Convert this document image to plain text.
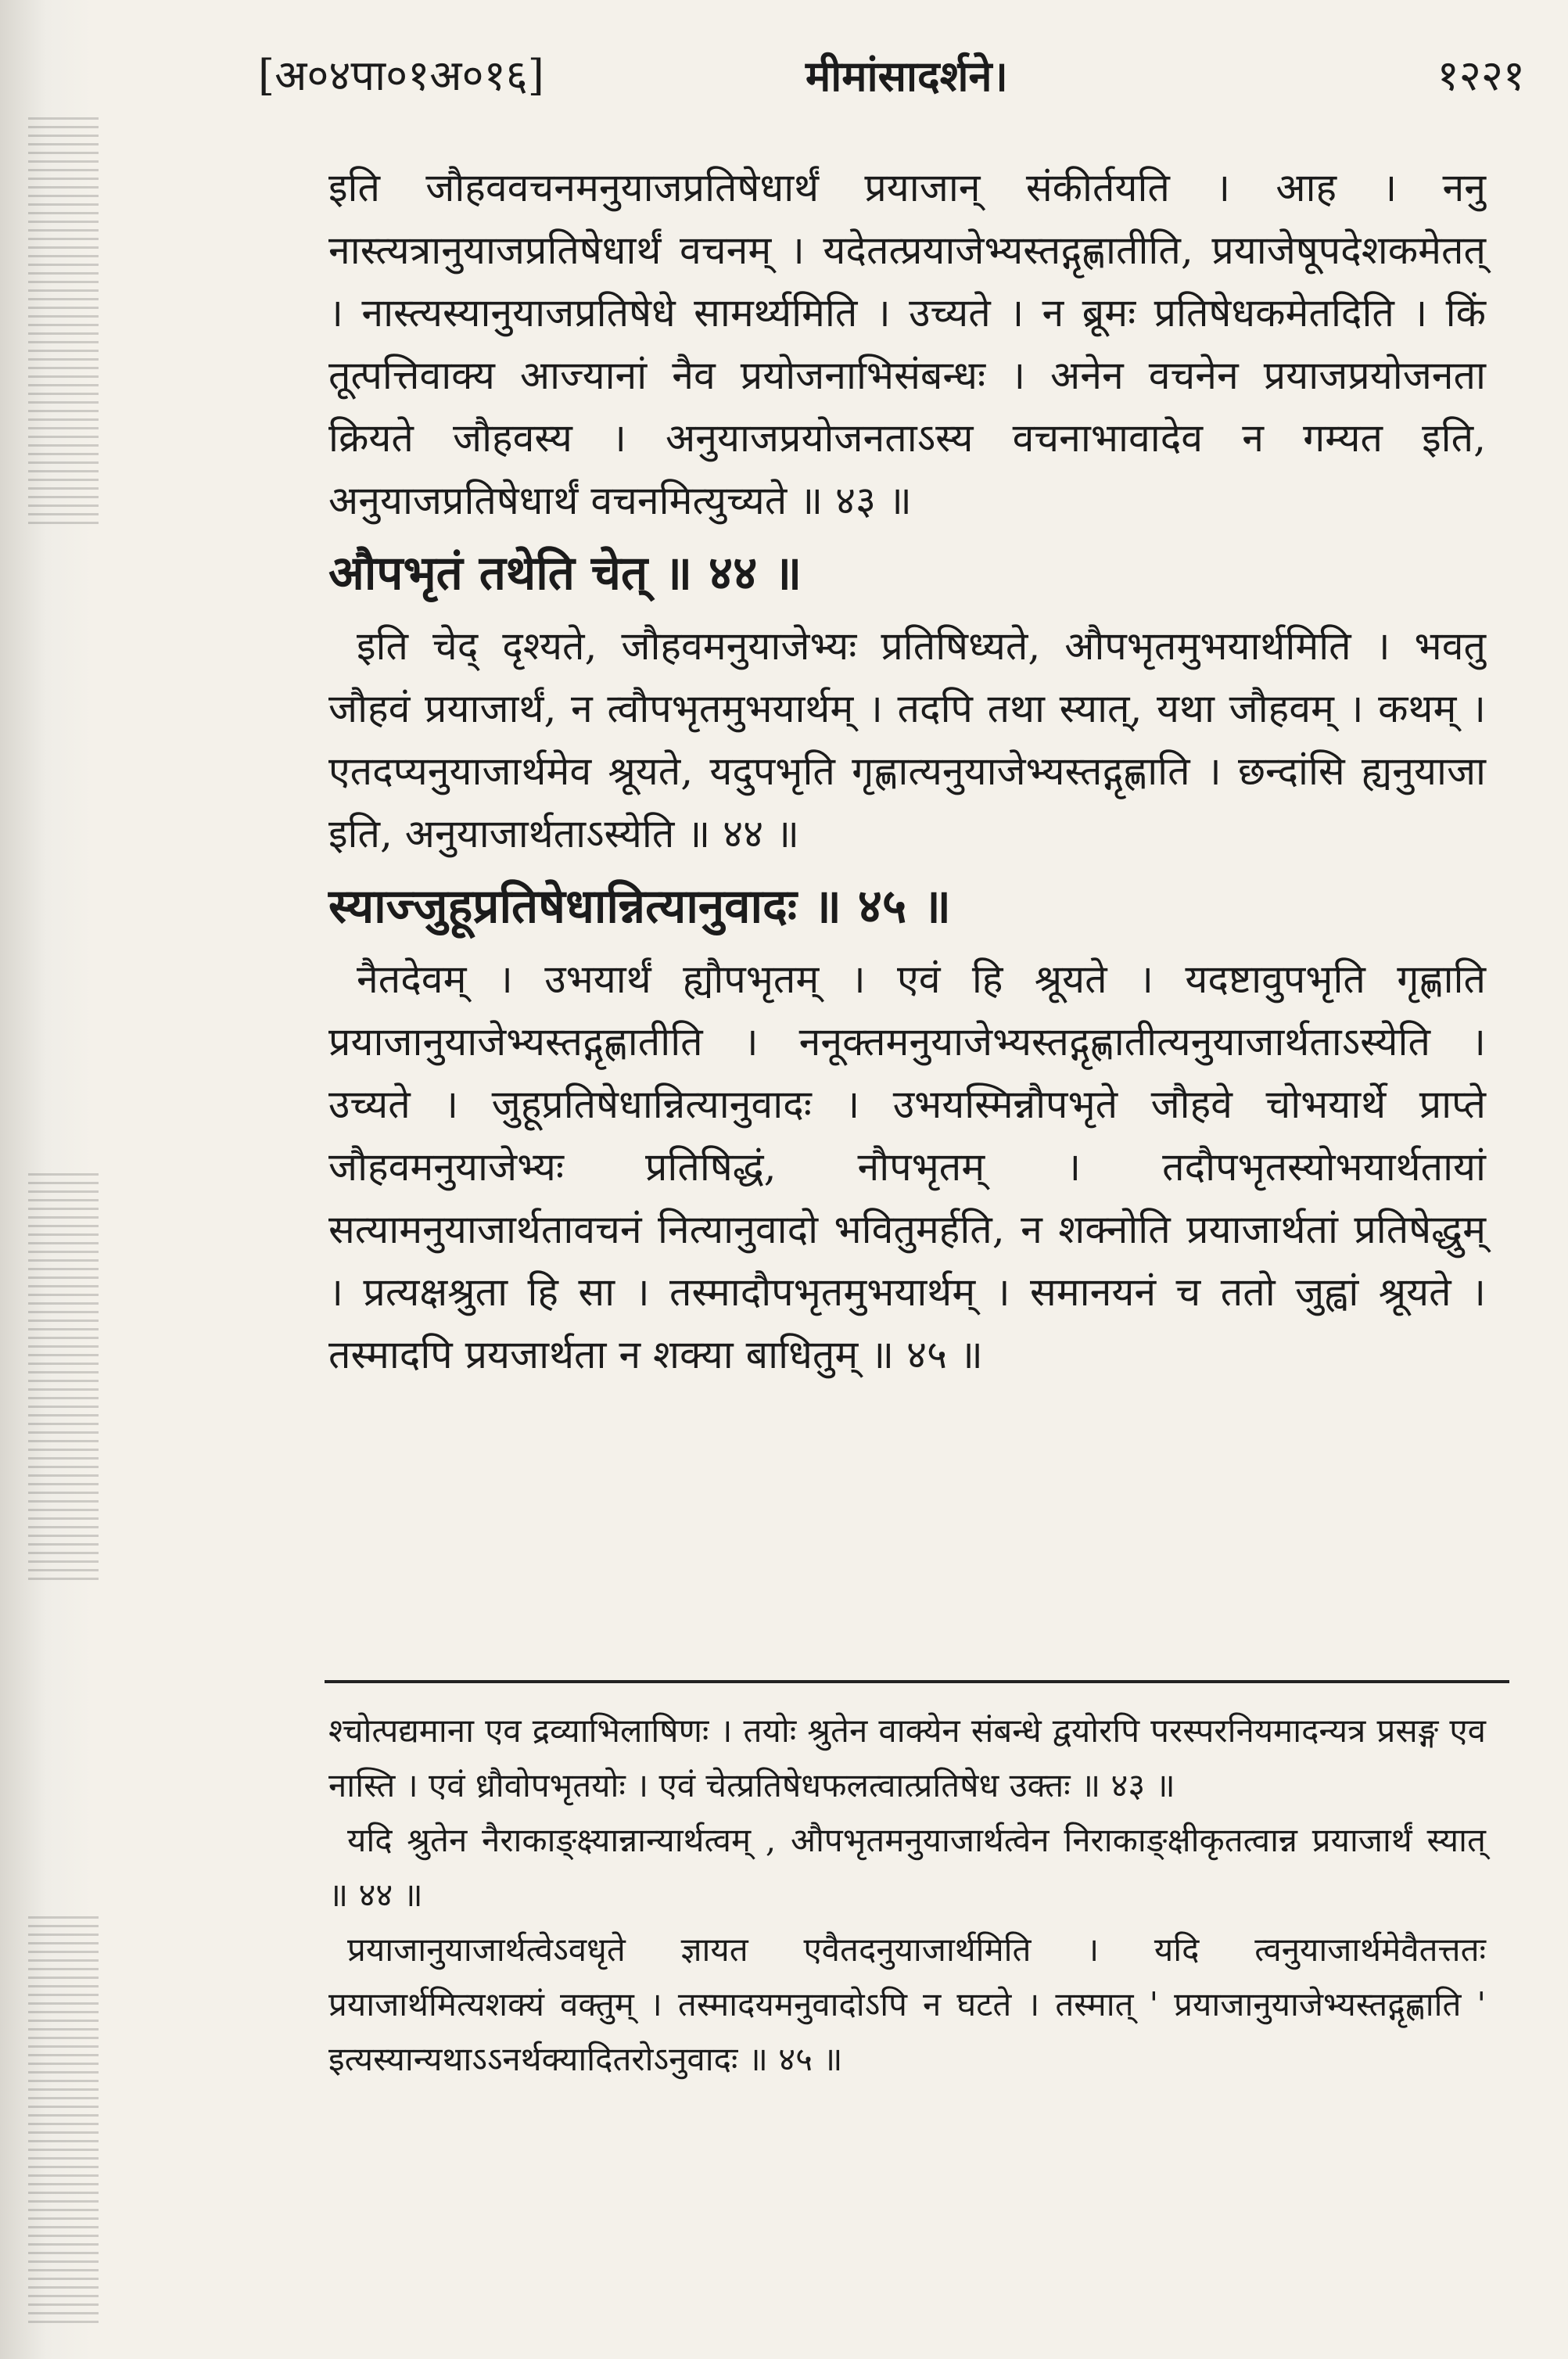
[अ०४पा०१अ०१६]	मीमांसादर्शने।	१२२१

इति जौहववचनमनुयाजप्रतिषेधार्थं प्रयाजान् संकीर्तयति । आह । ननु नास्त्यत्रानुयाजप्रतिषेधार्थं वचनम् । यदेतत्प्रयाजेभ्यस्तद्गृह्णातीति, प्रयाजेषूपदेशकमेतत् । नास्त्यस्यानुयाजप्रतिषेधे सामर्थ्यमिति । उच्यते । न ब्रूमः प्रतिषेधकमेतदिति । किं तूत्पत्तिवाक्य आज्यानां नैव प्रयोजनाभिसंबन्धः । अनेन वचनेन प्रयाजप्रयोजनता क्रियते जौहवस्य । अनुयाजप्रयोजनताऽस्य वचनाभावादेव न गम्यत इति, अनुयाजप्रतिषेधार्थं वचनमित्युच्यते ॥ ४३ ॥

औपभृतं तथेति चेत् ॥ ४४ ॥

इति चेद् दृश्यते, जौहवमनुयाजेभ्यः प्रतिषिध्यते, औपभृतमुभयार्थमिति । भवतु जौहवं प्रयाजार्थं, न त्वौपभृतमुभयार्थम् । तदपि तथा स्यात्, यथा जौहवम् । कथम् । एतदप्यनुयाजार्थमेव श्रूयते, यदुपभृति गृह्णात्यनुयाजेभ्यस्तद्गृह्णाति । छन्दांसि ह्यनुयाजा इति, अनुयाजार्थताऽस्येति ॥ ४४ ॥

स्याज्जुहूप्रतिषेधान्नित्यानुवादः ॥ ४५ ॥

नैतदेवम् । उभयार्थं ह्यौपभृतम् । एवं हि श्रूयते । यदष्टावुपभृति गृह्णाति प्रयाजानुयाजेभ्यस्तद्गृह्णातीति । ननूक्तमनुयाजेभ्यस्तद्गृह्णातीत्यनुयाजार्थताऽस्येति । उच्यते । जुहूप्रतिषेधान्नित्यानुवादः । उभयस्मिन्नौपभृते जौहवे चोभयार्थे प्राप्ते जौहवमनुयाजेभ्यः प्रतिषिद्धं, नौपभृतम् । तदौपभृतस्योभयार्थतायां सत्यामनुयाजार्थतावचनं नित्यानुवादो भवितुमर्हति, न शक्नोति प्रयाजार्थतां प्रतिषेद्धुम् । प्रत्यक्षश्रुता हि सा । तस्मादौपभृतमुभयार्थम् । समानयनं च ततो जुह्वां श्रूयते । तस्मादपि प्रयजार्थता न शक्या बाधितुम् ॥ ४५ ॥

श्चोत्पद्यमाना एव द्रव्याभिलाषिणः । तयोः श्रुतेन वाक्येन संबन्धे द्वयोरपि परस्परनियमादन्यत्र प्रसङ्ग एव नास्ति । एवं ध्रौवोपभृतयोः । एवं चेत्प्रतिषेधफलत्वात्प्रतिषेध उक्तः ॥ ४३ ॥

यदि श्रुतेन नैराकाङ्क्ष्यान्नान्यार्थत्वम् , औपभृतमनुयाजार्थत्वेन निराकाङ्क्षीकृतत्वान्न प्रयाजार्थं स्यात् ॥ ४४ ॥

प्रयाजानुयाजार्थत्वेऽवधृते ज्ञायत एवैतदनुयाजार्थमिति । यदि त्वनुयाजार्थमेवैतत्ततः प्रयाजार्थमित्यशक्यं वक्तुम् । तस्मादयमनुवादोऽपि न घटते । तस्मात् ' प्रयाजानुयाजेभ्यस्तद्गृह्णाति ' इत्यस्यान्यथाऽऽनर्थक्यादितरोऽनुवादः ॥ ४५ ॥
